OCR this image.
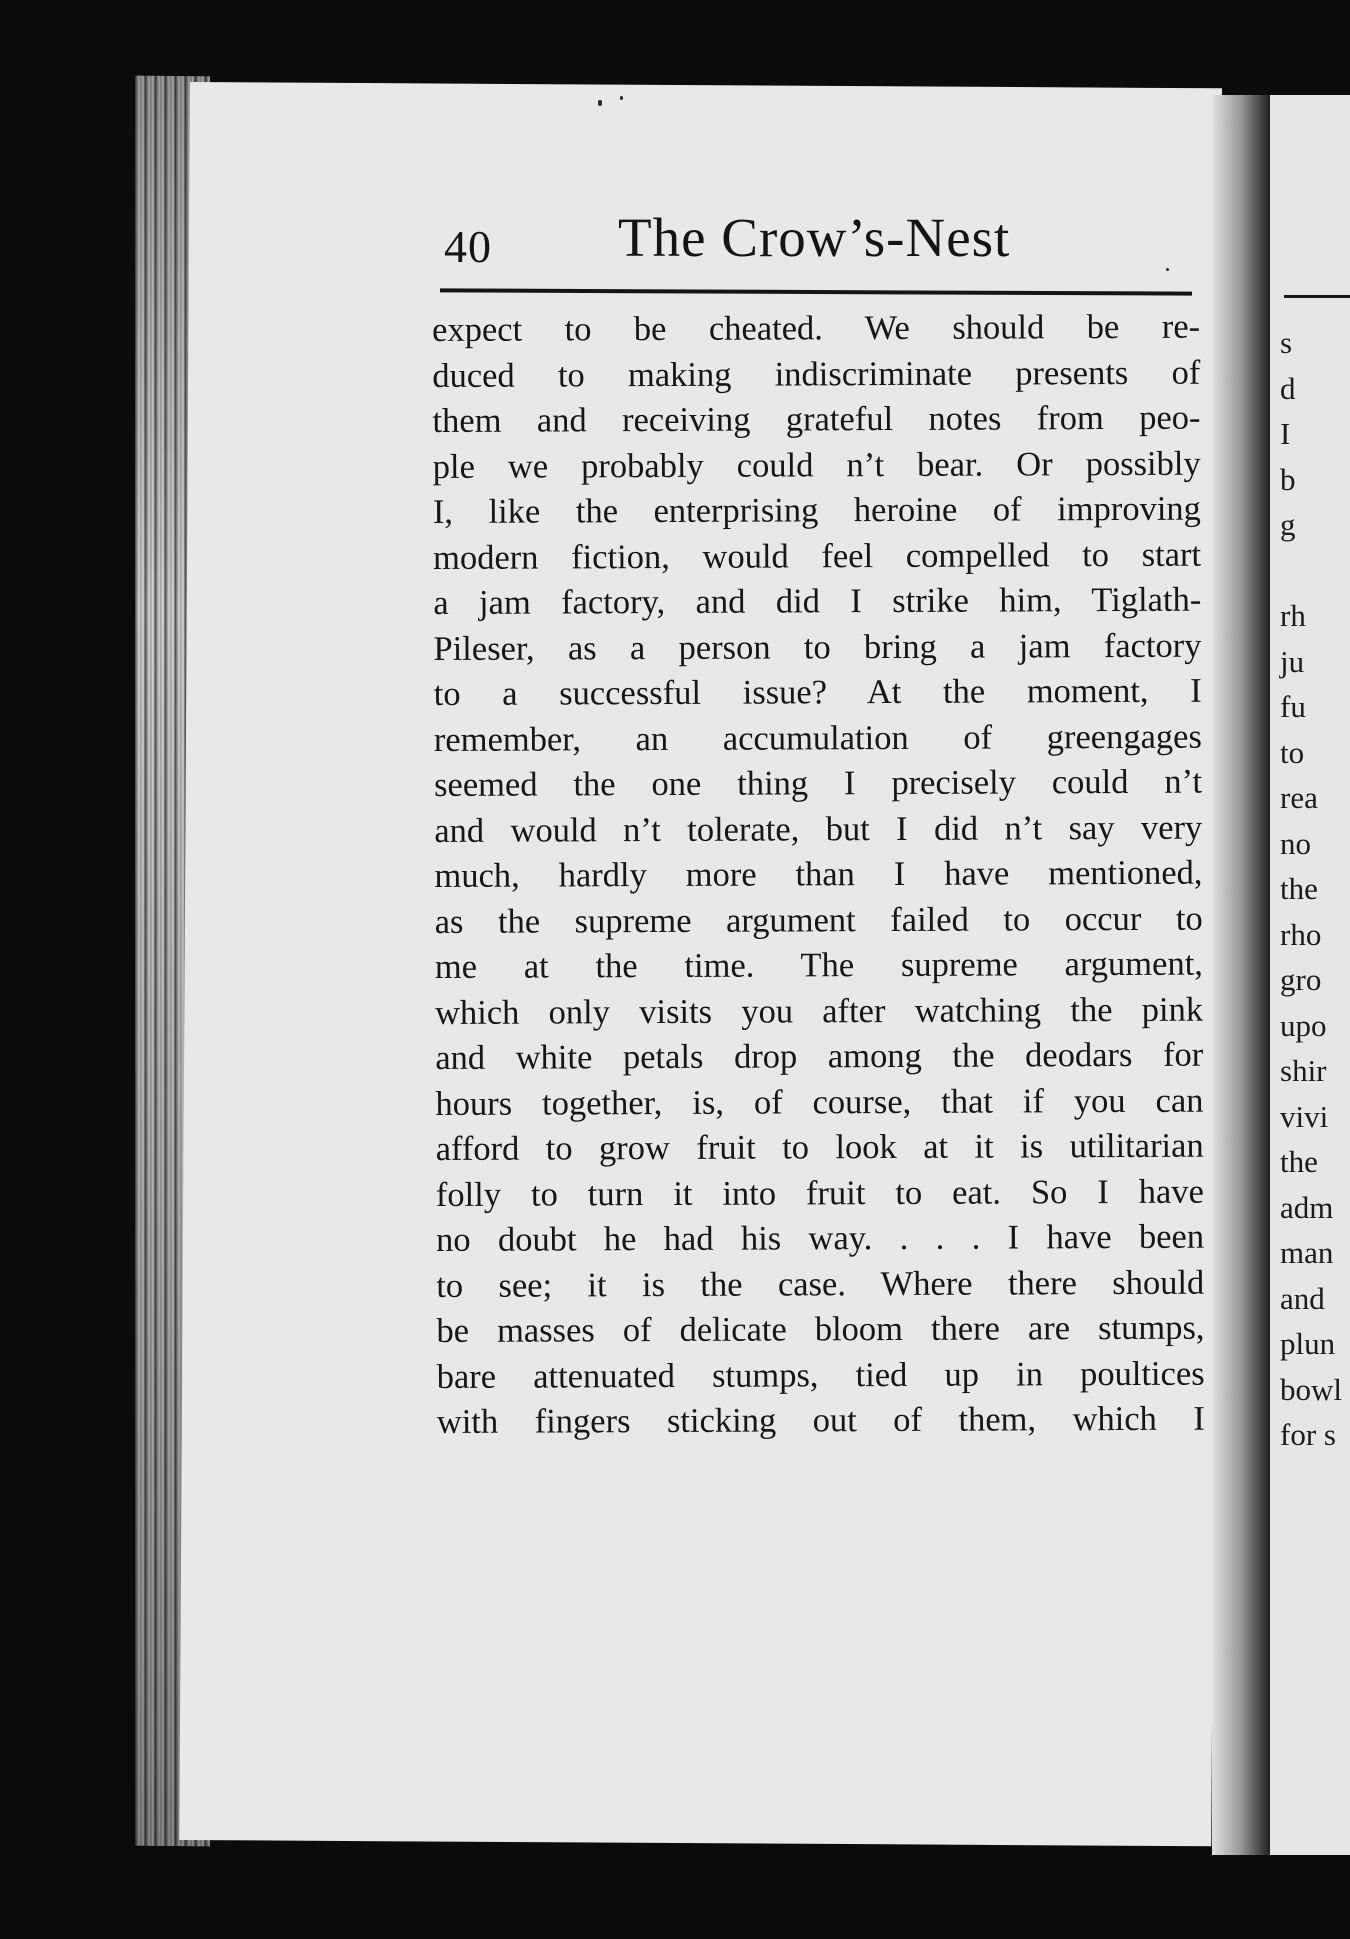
s
d
I
b
g
rh
ju
fu
to
rea
no
the
rho
gro
upo
shir
vivi
the
adm
man
and
plun
bowl
for s
40 The Crow’s-Nest
expect to be cheated. We should be re-
duced to making indiscriminate presents of
them and receiving grateful notes from peo-
ple we probably could n’t bear. Or possibly
I, like the enterprising heroine of improving
modern fiction, would feel compelled to start
a jam factory, and did I strike him, Tiglath-
Pileser, as a person to bring a jam factory
to a successful issue? At the moment, I
remember, an accumulation of greengages
seemed the one thing I precisely could n’t
and would n’t tolerate, but I did n’t say very
much, hardly more than I have mentioned,
as the supreme argument failed to occur to
me at the time. The supreme argument,
which only visits you after watching the pink
and white petals drop among the deodars for
hours together, is, of course, that if you can
afford to grow fruit to look at it is utilitarian
folly to turn it into fruit to eat. So I have
no doubt he had his way. . . . I have been
to see; it is the case. Where there should
be masses of delicate bloom there are stumps,
bare attenuated stumps, tied up in poultices
with fingers sticking out of them, which I
